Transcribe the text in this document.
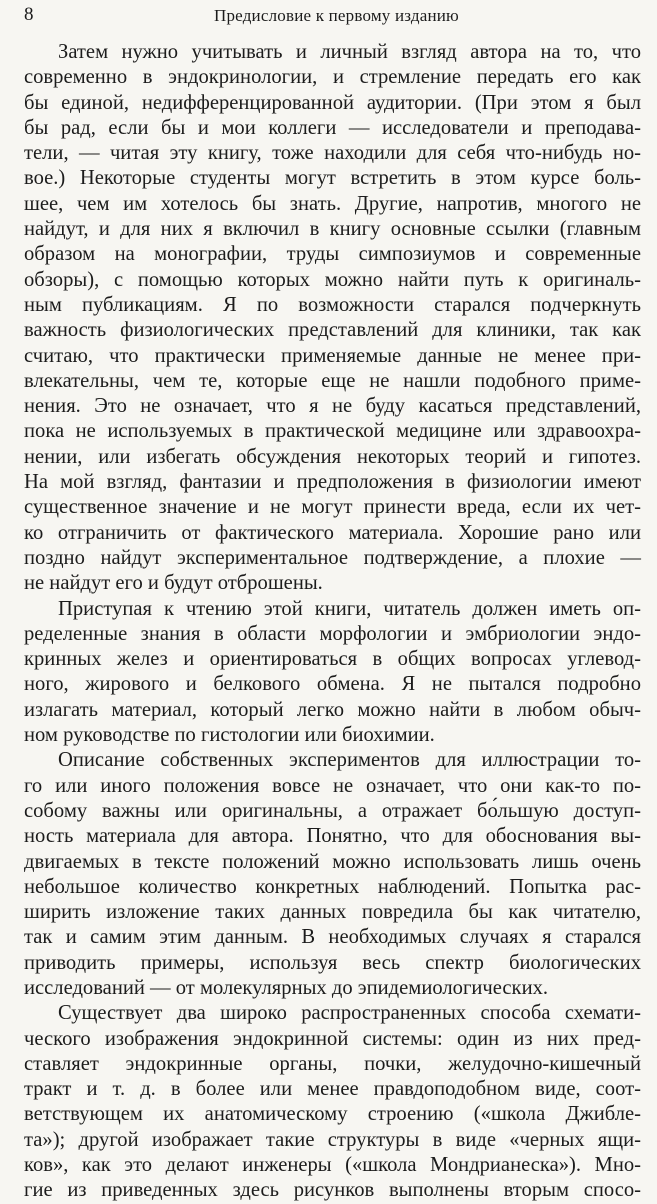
8	Предисловие к первому изданию

Затем нужно учитывать и личный взгляд автора на то, что
современно в эндокринологии, и стремление передать его как
бы единой, недифференцированной аудитории. (При этом я был
бы рад, если бы и мои коллеги — исследователи и преподава-
тели, — читая эту книгу, тоже находили для себя что-нибудь но-
вое.) Некоторые студенты могут встретить в этом курсе боль-
шее, чем им хотелось бы знать. Другие, напротив, многого не
найдут, и для них я включил в книгу основные ссылки (главным
образом на монографии, труды симпозиумов и современные
обзоры), с помощью которых можно найти путь к оригиналь-
ным публикациям. Я по возможности старался подчеркнуть
важность физиологических представлений для клиники, так как
считаю, что практически применяемые данные не менее при-
влекательны, чем те, которые еще не нашли подобного приме-
нения. Это не означает, что я не буду касаться представлений,
пока не используемых в практической медицине или здравоохра-
нении, или избегать обсуждения некоторых теорий и гипотез.
На мой взгляд, фантазии и предположения в физиологии имеют
существенное значение и не могут принести вреда, если их чет-
ко отграничить от фактического материала. Хорошие рано или
поздно найдут экспериментальное подтверждение, а плохие —
не найдут его и будут отброшены.

Приступая к чтению этой книги, читатель должен иметь оп-
ределенные знания в области морфологии и эмбриологии эндо-
кринных желез и ориентироваться в общих вопросах углевод-
ного, жирового и белкового обмена. Я не пытался подробно
излагать материал, который легко можно найти в любом обыч-
ном руководстве по гистологии или биохимии.

Описание собственных экспериментов для иллюстрации то-
го или иного положения вовсе не означает, что они как-то по-
собому важны или оригинальны, а отражает бо́льшую доступ-
ность материала для автора. Понятно, что для обоснования вы-
двигаемых в тексте положений можно использовать лишь очень
небольшое количество конкретных наблюдений. Попытка рас-
ширить изложение таких данных повредила бы как читателю,
так и самим этим данным. В необходимых случаях я старался
приводить примеры, используя весь спектр биологических
исследований — от молекулярных до эпидемиологических.

Существует два широко распространенных способа схемати-
ческого изображения эндокринной системы: один из них пред-
ставляет эндокринные органы, почки, желудочно-кишечный
тракт и т. д. в более или менее правдоподобном виде, соот-
ветствующем их анатомическому строению («школа Джибле-
та»); другой изображает такие структуры в виде «черных ящи-
ков», как это делают инженеры («школа Мондрианеска»). Мно-
гие из приведенных здесь рисунков выполнены вторым спосо-
